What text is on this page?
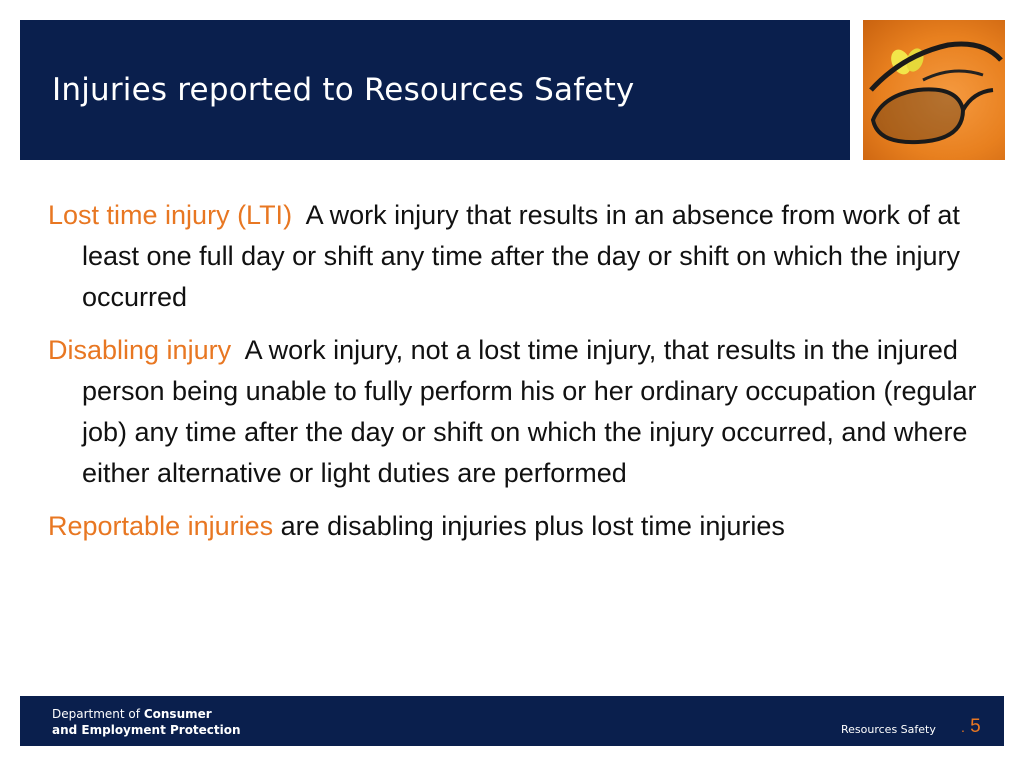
Injuries reported to Resources Safety

Lost time injury (LTI) A work injury that results in an absence from work of at least one full day or shift any time after the day or shift on which the injury occurred

Disabling injury A work injury, not a lost time injury, that results in the injured person being unable to fully perform his or her ordinary occupation (regular job) any time after the day or shift on which the injury occurred, and where either alternative or light duties are performed

Reportable injuries are disabling injuries plus lost time injuries

Department of Consumer
and Employment Protection	Resources Safety . 5
